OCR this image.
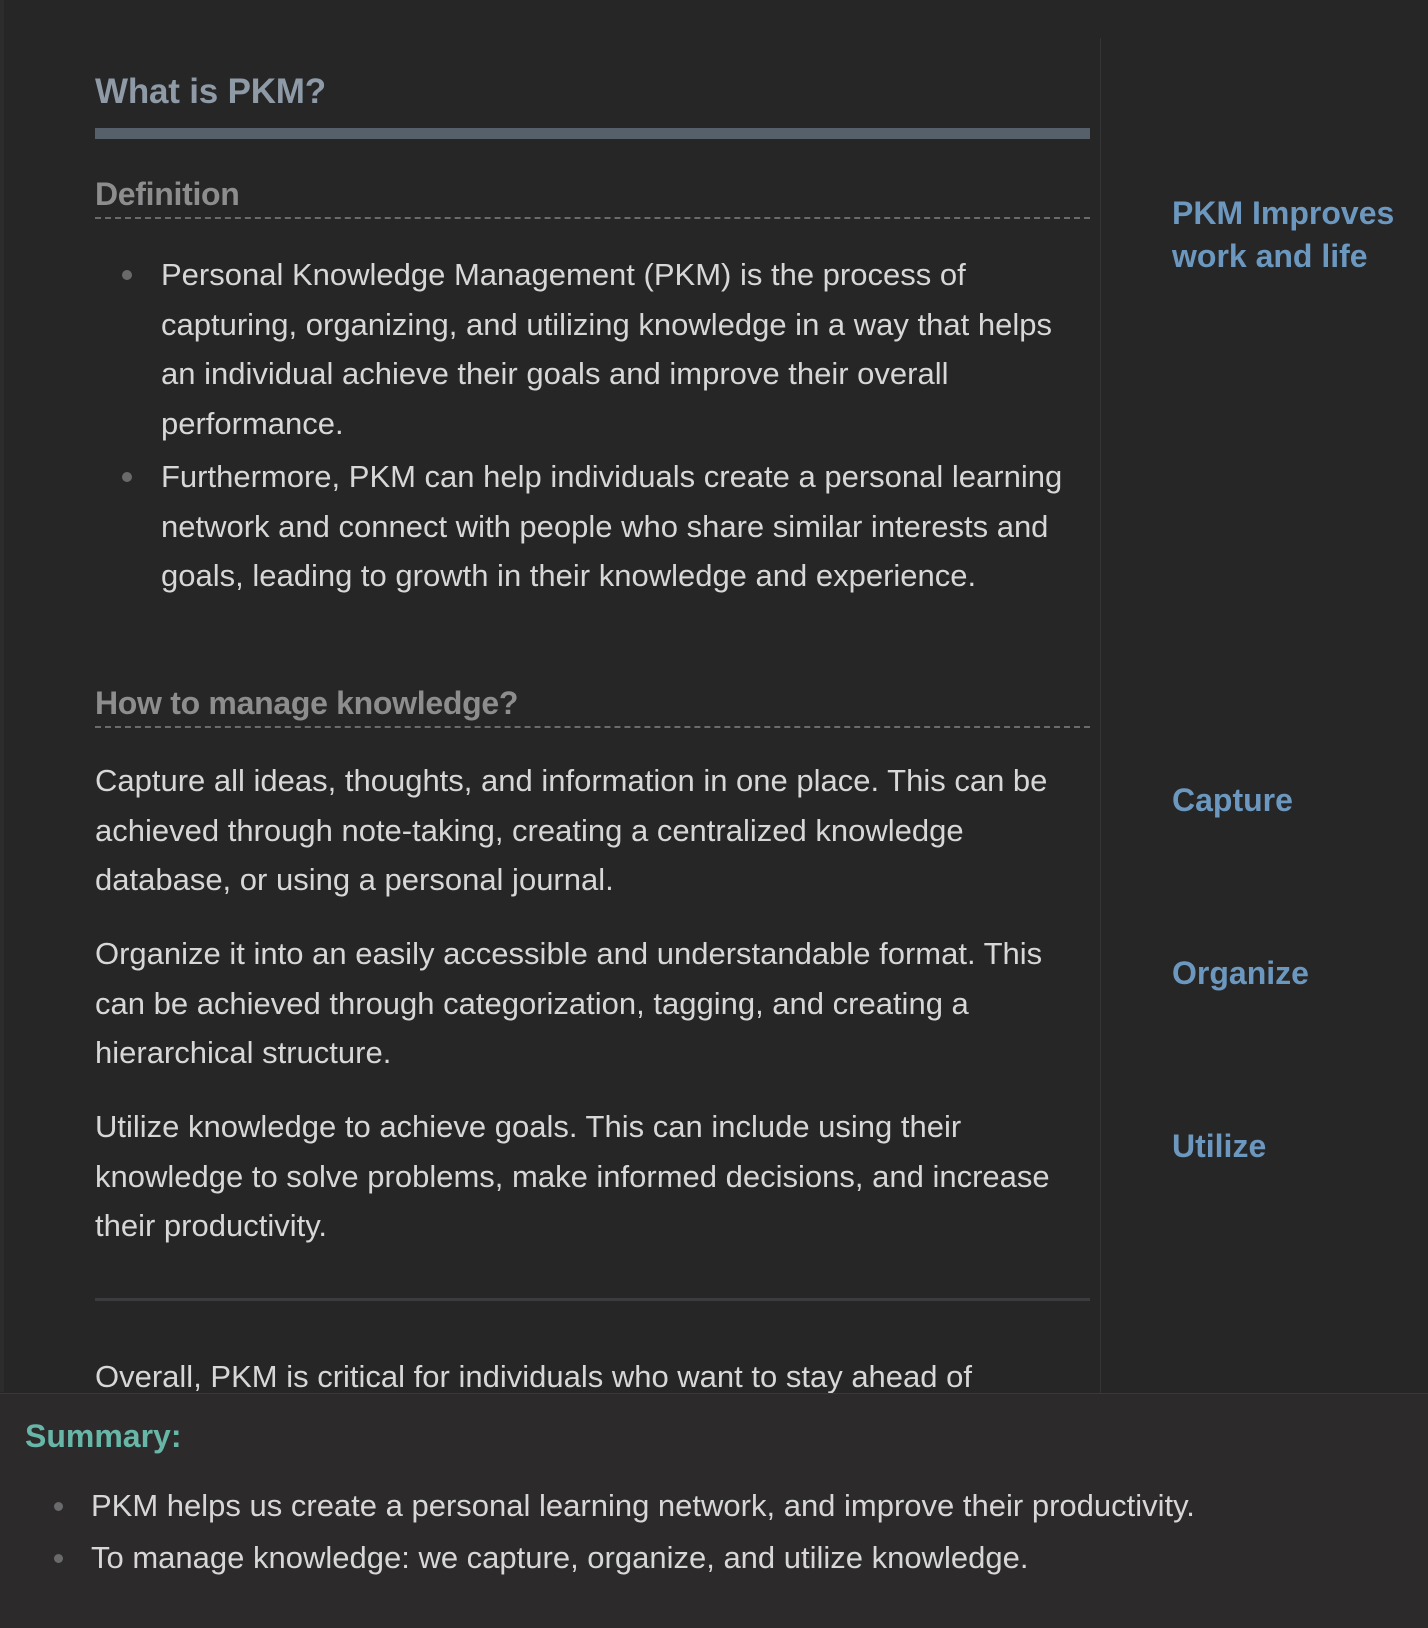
What is PKM?
Definition
Personal Knowledge Management (PKM) is the process of capturing, organizing, and utilizing knowledge in a way that helps an individual achieve their goals and improve their overall performance.
Furthermore, PKM can help individuals create a personal learning network and connect with people who share similar interests and goals, leading to growth in their knowledge and experience.
How to manage knowledge?
Capture all ideas, thoughts, and information in one place. This can be achieved through note-taking, creating a centralized knowledge database, or using a personal journal.
Organize it into an easily accessible and understandable format. This can be achieved through categorization, tagging, and creating a hierarchical structure.
Utilize knowledge to achieve goals. This can include using their knowledge to solve problems, make informed decisions, and increase their productivity.
Overall, PKM is critical for individuals who want to stay ahead of
PKM Improves work and life
Capture
Organize
Utilize
Summary:
PKM helps us create a personal learning network, and improve their productivity.
To manage knowledge: we capture, organize, and utilize knowledge.
